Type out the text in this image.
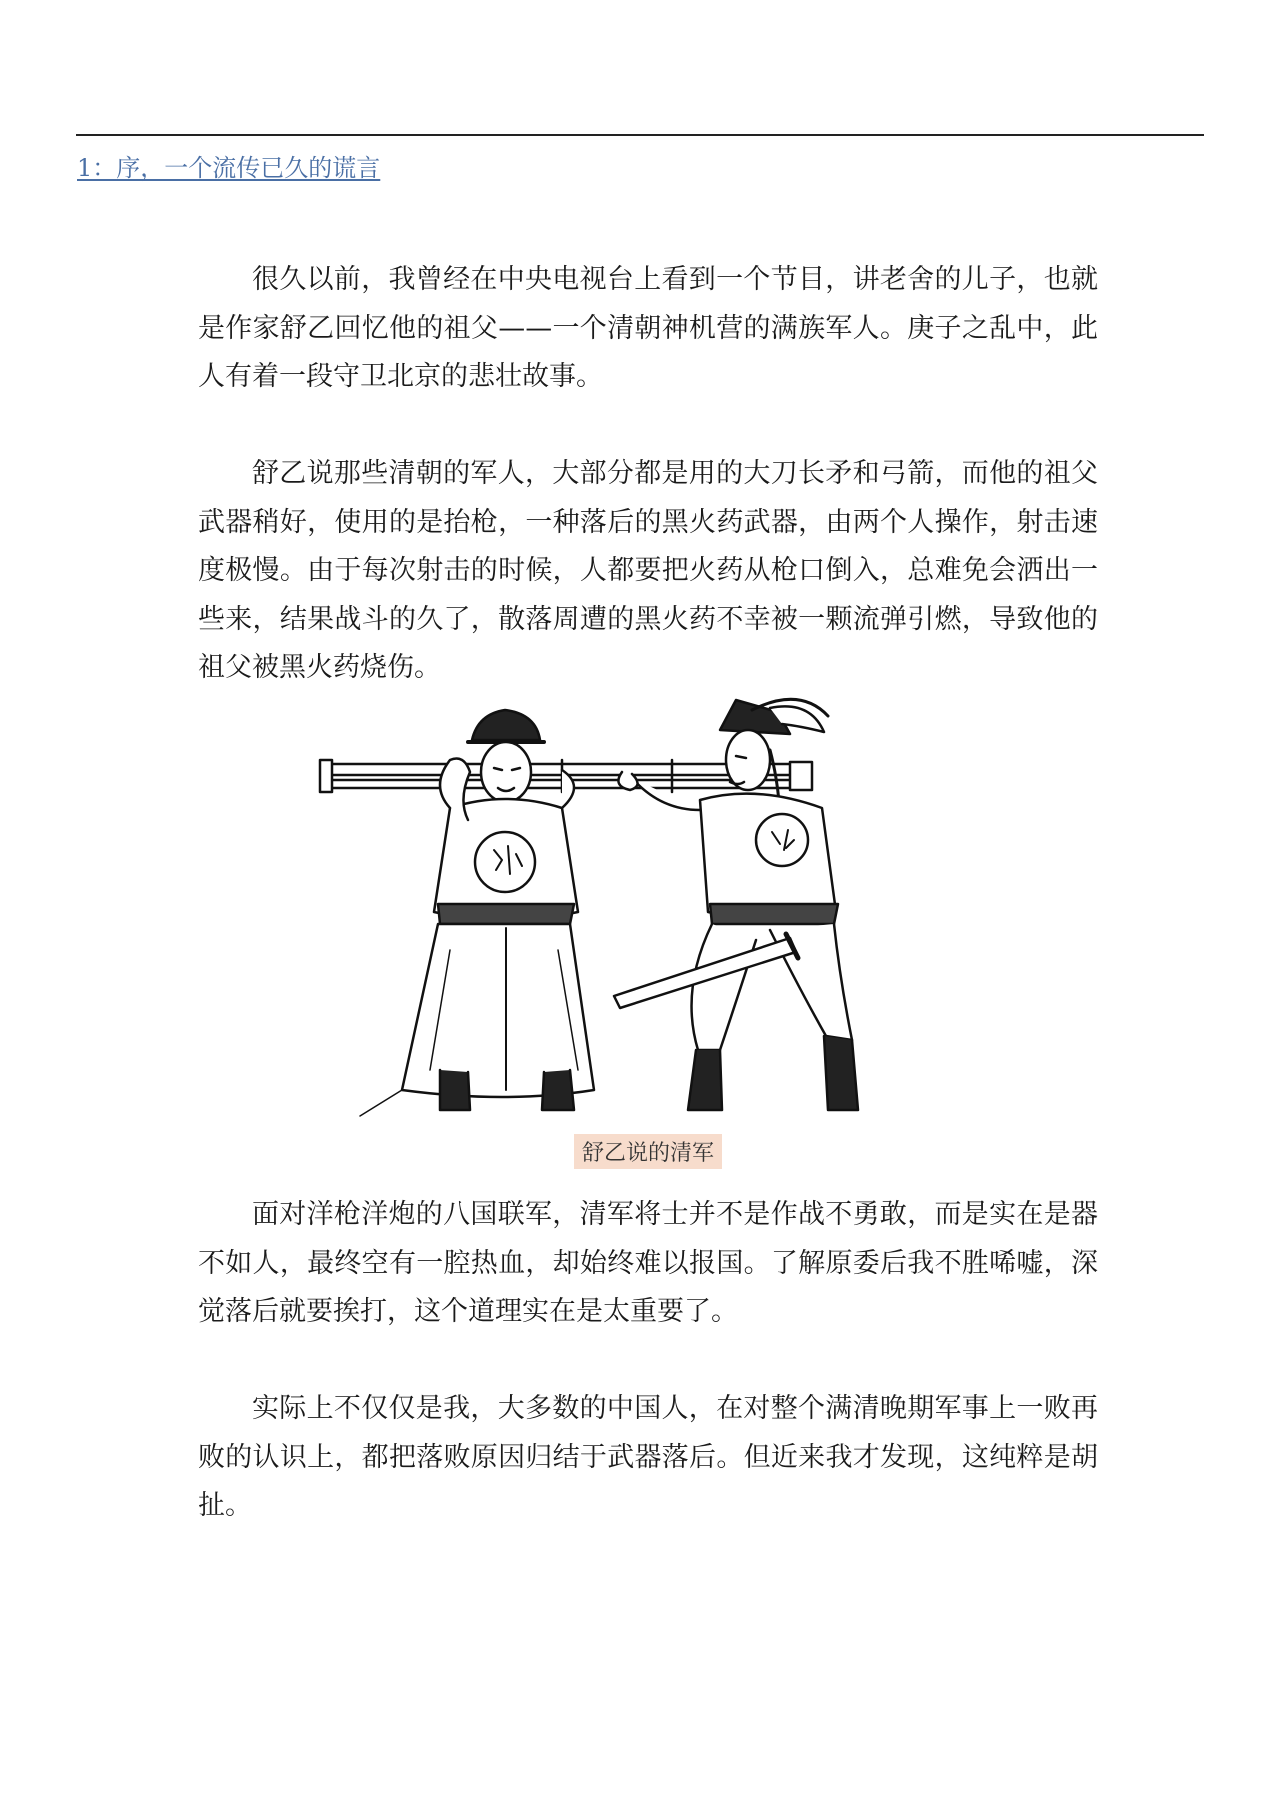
1：序，一个流传已久的谎言

很久以前，我曾经在中央电视台上看到一个节目，讲老舍的儿子，也就是作家舒乙回忆他的祖父——一个清朝神机营的满族军人。庚子之乱中，此人有着一段守卫北京的悲壮故事。

舒乙说那些清朝的军人，大部分都是用的大刀长矛和弓箭，而他的祖父武器稍好，使用的是抬枪，一种落后的黑火药武器，由两个人操作，射击速度极慢。由于每次射击的时候，人都要把火药从枪口倒入，总难免会洒出一些来，结果战斗的久了，散落周遭的黑火药不幸被一颗流弹引燃，导致他的祖父被黑火药烧伤。

舒乙说的清军

面对洋枪洋炮的八国联军，清军将士并不是作战不勇敢，而是实在是器不如人，最终空有一腔热血，却始终难以报国。了解原委后我不胜唏嘘，深觉落后就要挨打，这个道理实在是太重要了。

实际上不仅仅是我，大多数的中国人，在对整个满清晚期军事上一败再败的认识上，都把落败原因归结于武器落后。但近来我才发现，这纯粹是胡扯。
